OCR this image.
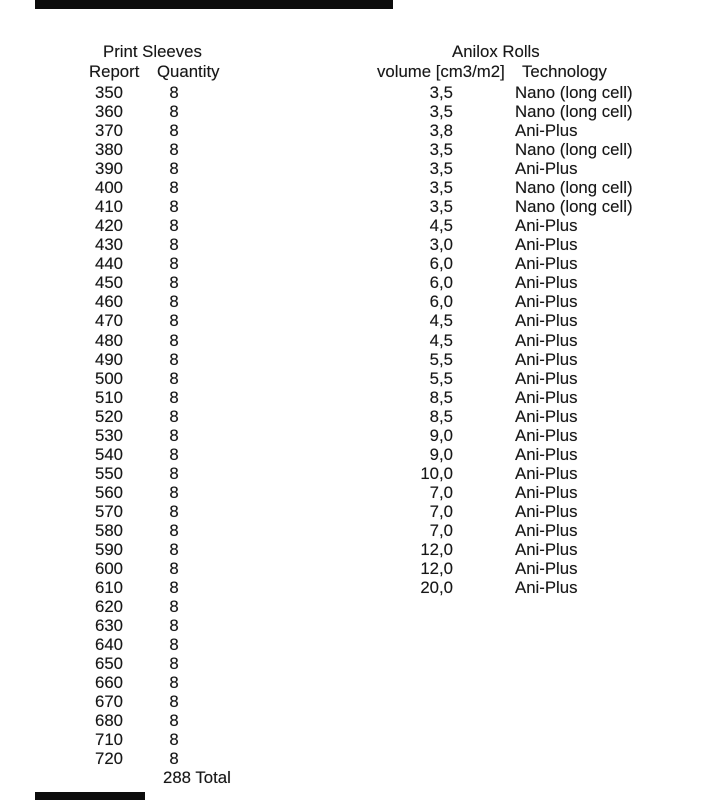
Print Sleeves
Report Quantity
Anilox Rolls
volume [cm3/m2] Technology
350	8	3,5	Nano (long cell)
360	8	3,5	Nano (long cell)
370	8	3,8	Ani-Plus
380	8	3,5	Nano (long cell)
390	8	3,5	Ani-Plus
400	8	3,5	Nano (long cell)
410	8	3,5	Nano (long cell)
420	8	4,5	Ani-Plus
430	8	3,0	Ani-Plus
440	8	6,0	Ani-Plus
450	8	6,0	Ani-Plus
460	8	6,0	Ani-Plus
470	8	4,5	Ani-Plus
480	8	4,5	Ani-Plus
490	8	5,5	Ani-Plus
500	8	5,5	Ani-Plus
510	8	8,5	Ani-Plus
520	8	8,5	Ani-Plus
530	8	9,0	Ani-Plus
540	8	9,0	Ani-Plus
550	8	10,0	Ani-Plus
560	8	7,0	Ani-Plus
570	8	7,0	Ani-Plus
580	8	7,0	Ani-Plus
590	8	12,0	Ani-Plus
600	8	12,0	Ani-Plus
610	8	20,0	Ani-Plus
620	8
630	8
640	8
650	8
660	8
670	8
680	8
710	8
720	8
288 Total
